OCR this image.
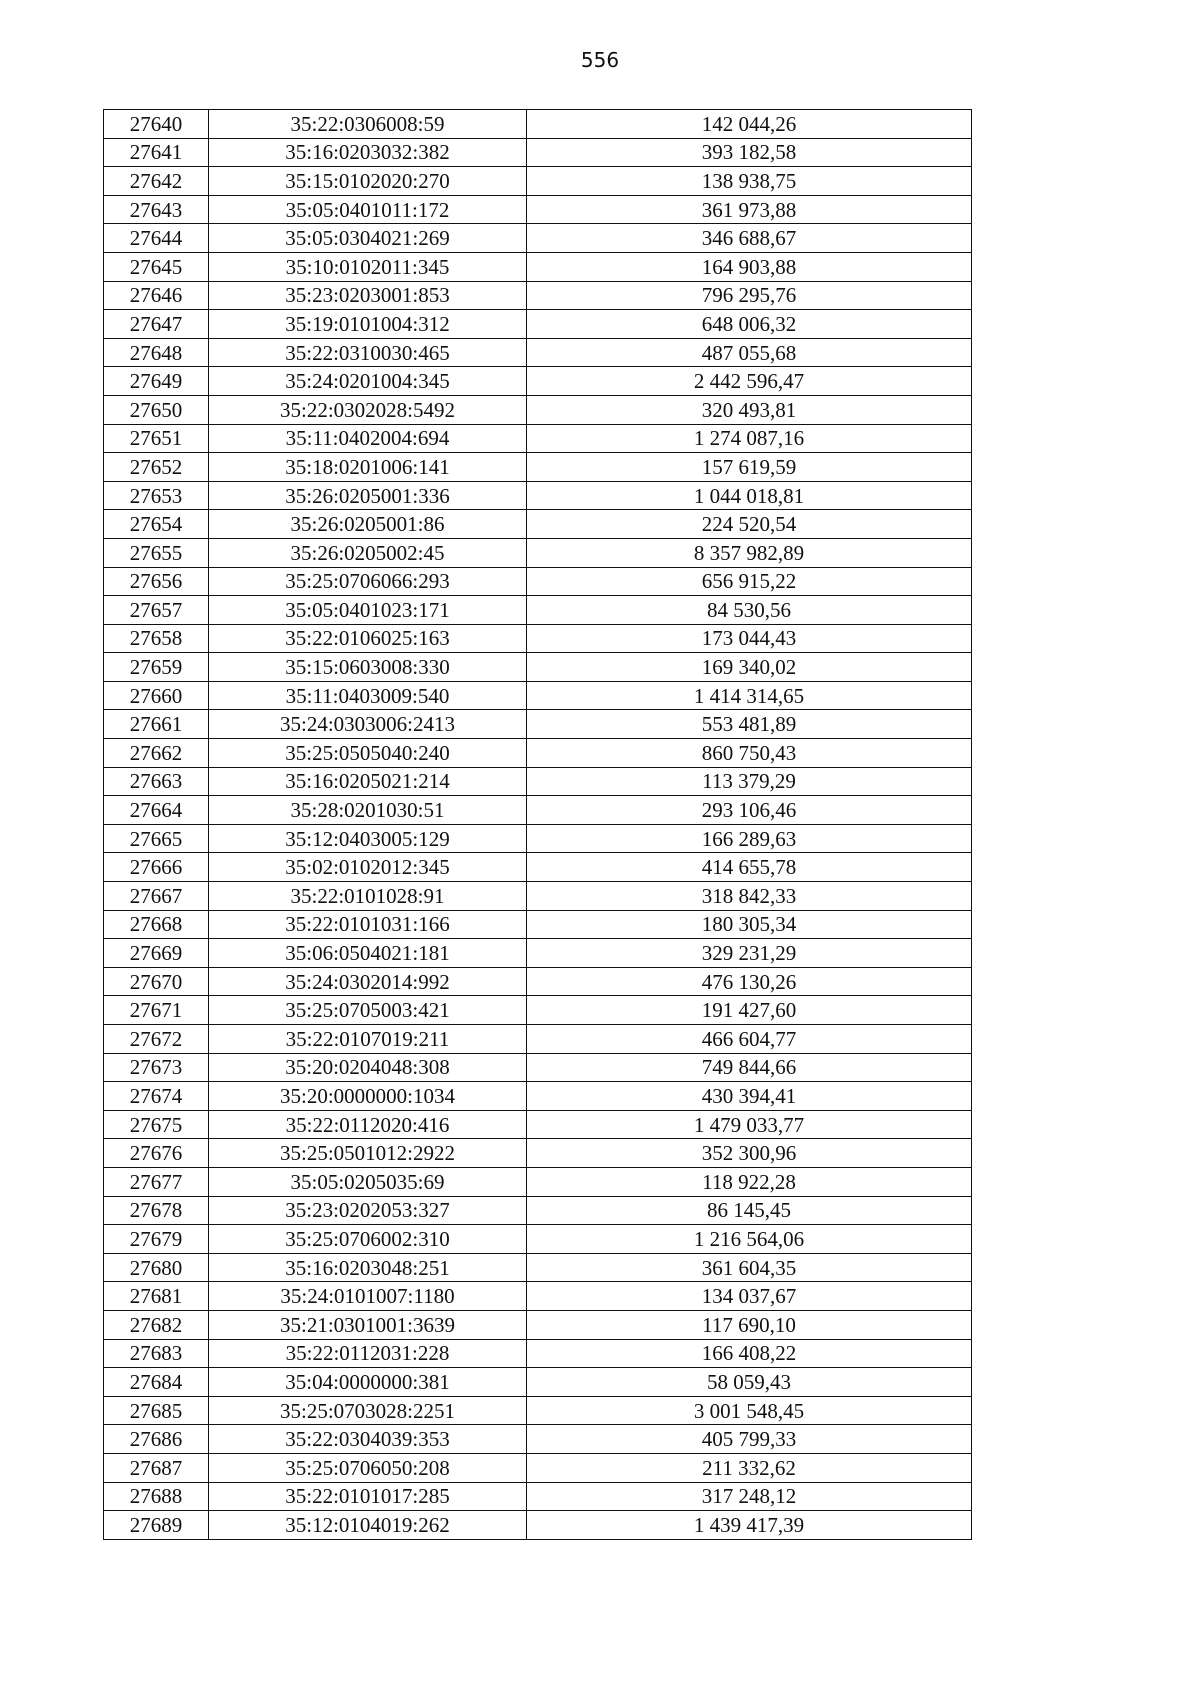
556
27640	35:22:0306008:59	142 044,26
27641	35:16:0203032:382	393 182,58
27642	35:15:0102020:270	138 938,75
27643	35:05:0401011:172	361 973,88
27644	35:05:0304021:269	346 688,67
27645	35:10:0102011:345	164 903,88
27646	35:23:0203001:853	796 295,76
27647	35:19:0101004:312	648 006,32
27648	35:22:0310030:465	487 055,68
27649	35:24:0201004:345	2 442 596,47
27650	35:22:0302028:5492	320 493,81
27651	35:11:0402004:694	1 274 087,16
27652	35:18:0201006:141	157 619,59
27653	35:26:0205001:336	1 044 018,81
27654	35:26:0205001:86	224 520,54
27655	35:26:0205002:45	8 357 982,89
27656	35:25:0706066:293	656 915,22
27657	35:05:0401023:171	84 530,56
27658	35:22:0106025:163	173 044,43
27659	35:15:0603008:330	169 340,02
27660	35:11:0403009:540	1 414 314,65
27661	35:24:0303006:2413	553 481,89
27662	35:25:0505040:240	860 750,43
27663	35:16:0205021:214	113 379,29
27664	35:28:0201030:51	293 106,46
27665	35:12:0403005:129	166 289,63
27666	35:02:0102012:345	414 655,78
27667	35:22:0101028:91	318 842,33
27668	35:22:0101031:166	180 305,34
27669	35:06:0504021:181	329 231,29
27670	35:24:0302014:992	476 130,26
27671	35:25:0705003:421	191 427,60
27672	35:22:0107019:211	466 604,77
27673	35:20:0204048:308	749 844,66
27674	35:20:0000000:1034	430 394,41
27675	35:22:0112020:416	1 479 033,77
27676	35:25:0501012:2922	352 300,96
27677	35:05:0205035:69	118 922,28
27678	35:23:0202053:327	86 145,45
27679	35:25:0706002:310	1 216 564,06
27680	35:16:0203048:251	361 604,35
27681	35:24:0101007:1180	134 037,67
27682	35:21:0301001:3639	117 690,10
27683	35:22:0112031:228	166 408,22
27684	35:04:0000000:381	58 059,43
27685	35:25:0703028:2251	3 001 548,45
27686	35:22:0304039:353	405 799,33
27687	35:25:0706050:208	211 332,62
27688	35:22:0101017:285	317 248,12
27689	35:12:0104019:262	1 439 417,39
